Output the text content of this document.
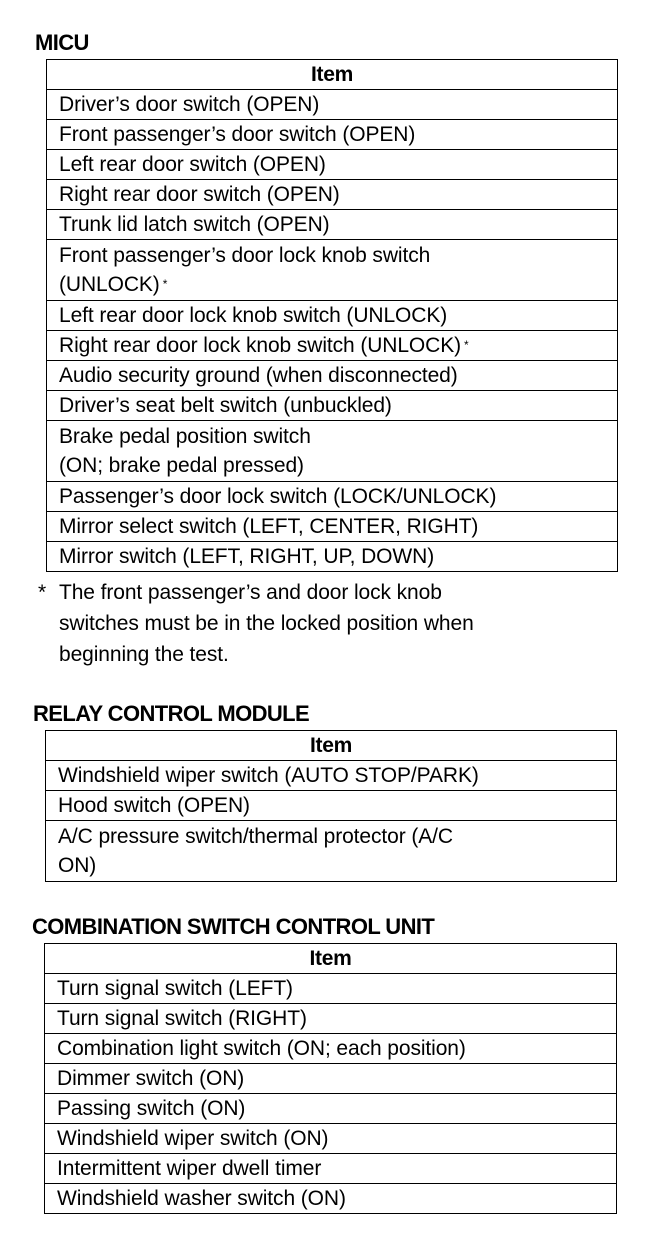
MICU
Item
Driver’s door switch (OPEN)
Front passenger’s door switch (OPEN)
Left rear door switch (OPEN)
Right rear door switch (OPEN)
Trunk lid latch switch (OPEN)
Front passenger’s door lock knob switch
(UNLOCK) *
Left rear door lock knob switch (UNLOCK)
Right rear door lock knob switch (UNLOCK) *
Audio security ground (when disconnected)
Driver’s seat belt switch (unbuckled)
Brake pedal position switch
(ON; brake pedal pressed)
Passenger’s door lock switch (LOCK/UNLOCK)
Mirror select switch (LEFT, CENTER, RIGHT)
Mirror switch (LEFT, RIGHT, UP, DOWN)
* The front passenger’s and door lock knob
switches must be in the locked position when
beginning the test.
RELAY CONTROL MODULE
Item
Windshield wiper switch (AUTO STOP/PARK)
Hood switch (OPEN)
A/C pressure switch/thermal protector (A/C
ON)
COMBINATION SWITCH CONTROL UNIT
Item
Turn signal switch (LEFT)
Turn signal switch (RIGHT)
Combination light switch (ON; each position)
Dimmer switch (ON)
Passing switch (ON)
Windshield wiper switch (ON)
Intermittent wiper dwell timer
Windshield washer switch (ON)
